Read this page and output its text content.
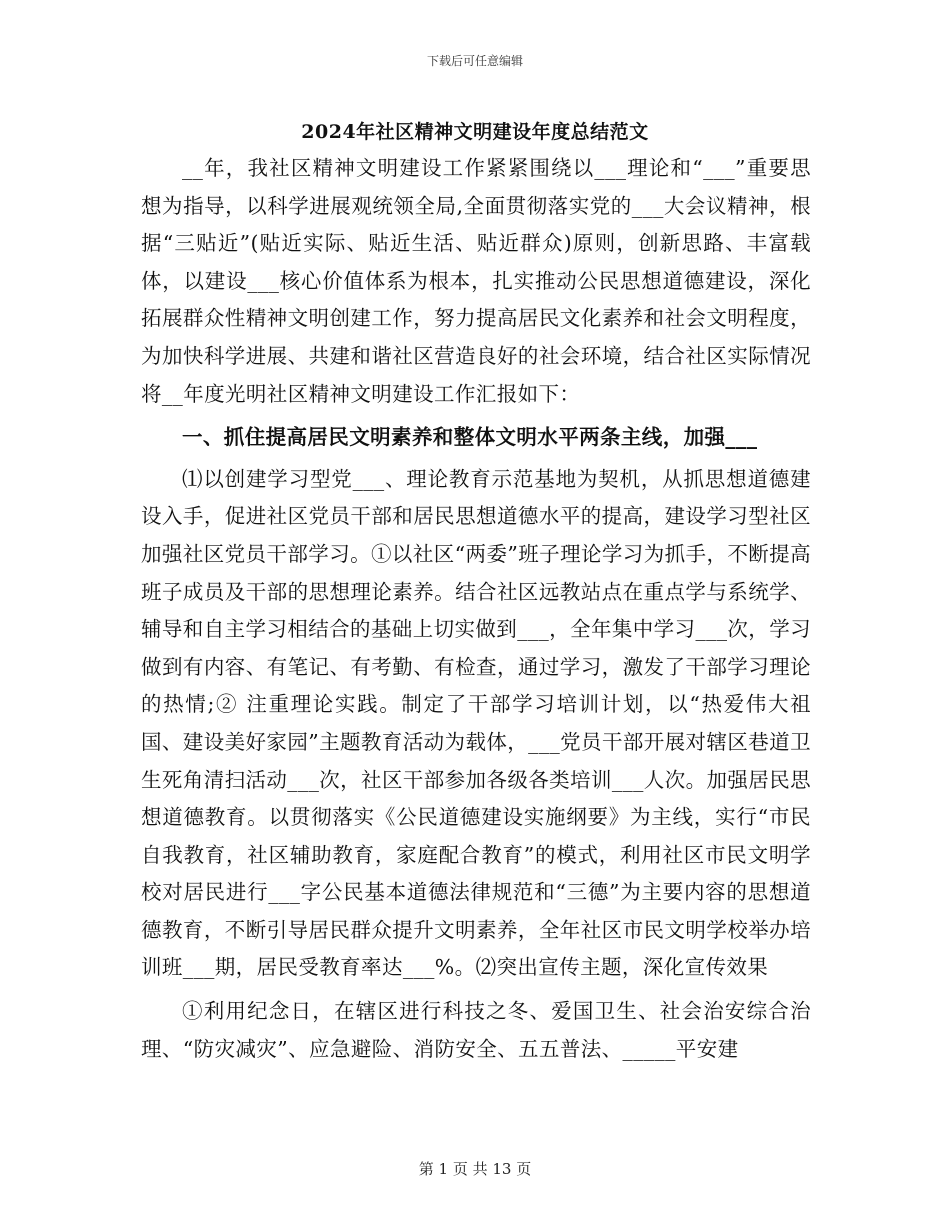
下载后可任意编辑
2024年社区精神文明建设年度总结范文

__年，我社区精神文明建设工作紧紧围绕以___理论和“___”重要思想为指导，以科学进展观统领全局,全面贯彻落实党的___大会议精神，根据“三贴近”(贴近实际、贴近生活、贴近群众)原则，创新思路、丰富载体，以建设___核心价值体系为根本，扎实推动公民思想道德建设，深化拓展群众性精神文明创建工作，努力提高居民文化素养和社会文明程度，为加快科学进展、共建和谐社区营造良好的社会环境，结合社区实际情况将__年度光明社区精神文明建设工作汇报如下：

一、抓住提高居民文明素养和整体文明水平两条主线，加强___

⑴以创建学习型党___、理论教育示范基地为契机，从抓思想道德建设入手，促进社区党员干部和居民思想道德水平的提高，建设学习型社区加强社区党员干部学习。①以社区“两委”班子理论学习为抓手，不断提高班子成员及干部的思想理论素养。结合社区远教站点在重点学与系统学、辅导和自主学习相结合的基础上切实做到___，全年集中学习___次，学习做到有内容、有笔记、有考勤、有检查，通过学习，激发了干部学习理论的热情;② 注重理论实践。制定了干部学习培训计划，以“热爱伟大祖国、建设美好家园”主题教育活动为载体，___党员干部开展对辖区巷道卫生死角清扫活动___次，社区干部参加各级各类培训___人次。加强居民思想道德教育。以贯彻落实《公民道德建设实施纲要》为主线，实行“市民自我教育，社区辅助教育，家庭配合教育”的模式，利用社区市民文明学校对居民进行___字公民基本道德法律规范和“三德”为主要内容的思想道德教育，不断引导居民群众提升文明素养，全年社区市民文明学校举办培训班___期，居民受教育率达___%。⑵突出宣传主题，深化宣传效果

①利用纪念日，在辖区进行科技之冬、爱国卫生、社会治安综合治理、“防灾减灾”、应急避险、消防安全、五五普法、_____平安建

第 1 页 共 13 页
